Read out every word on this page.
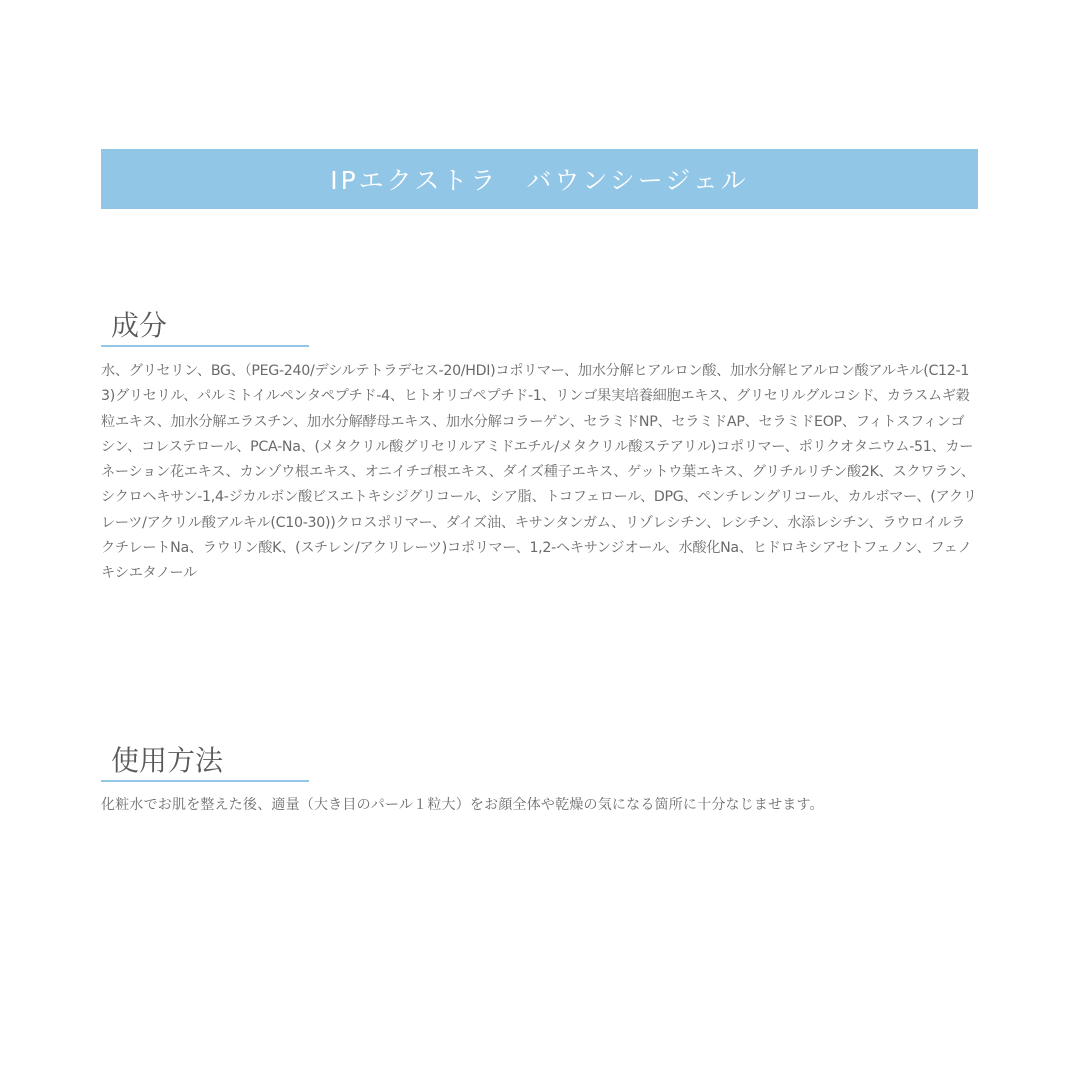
IPエクストラ　バウンシージェル
成分
水、グリセリン、BG、（PEG-240/デシルテトラデセス-20/HDI)コポリマー、加水分解ヒアルロン酸、加水分解ヒアルロン酸アルキル(C12-13)グリセリル、パルミトイルペンタペプチド-4、ヒトオリゴペプチド-1、リンゴ果実培養細胞エキス、グリセリルグルコシド、カラスムギ穀粒エキス、加水分解エラスチン、加水分解酵母エキス、加水分解コラーゲン、セラミドNP、セラミドAP、セラミドEOP、フィトスフィンゴシン、コレステロール、PCA-Na、(メタクリル酸グリセリルアミドエチル/メタクリル酸ステアリル)コポリマー、ポリクオタニウム-51、カーネーション花エキス、カンゾウ根エキス、オニイチゴ根エキス、ダイズ種子エキス、ゲットウ葉エキス、グリチルリチン酸2K、スクワラン、シクロヘキサン-1,4-ジカルボン酸ビスエトキシジグリコール、シア脂、トコフェロール、DPG、ペンチレングリコール、カルボマー、(アクリレーツ/アクリル酸アルキル(C10-30))クロスポリマー、ダイズ油、キサンタンガム、リゾレシチン、レシチン、水添レシチン、ラウロイルラクチレートNa、ラウリン酸K、(スチレン/アクリレーツ)コポリマー、1,2-ヘキサンジオール、水酸化Na、ヒドロキシアセトフェノン、フェノキシエタノール
使用方法
化粧水でお肌を整えた後、適量（大き目のパール１粒大）をお顔全体や乾燥の気になる箇所に十分なじませます。
